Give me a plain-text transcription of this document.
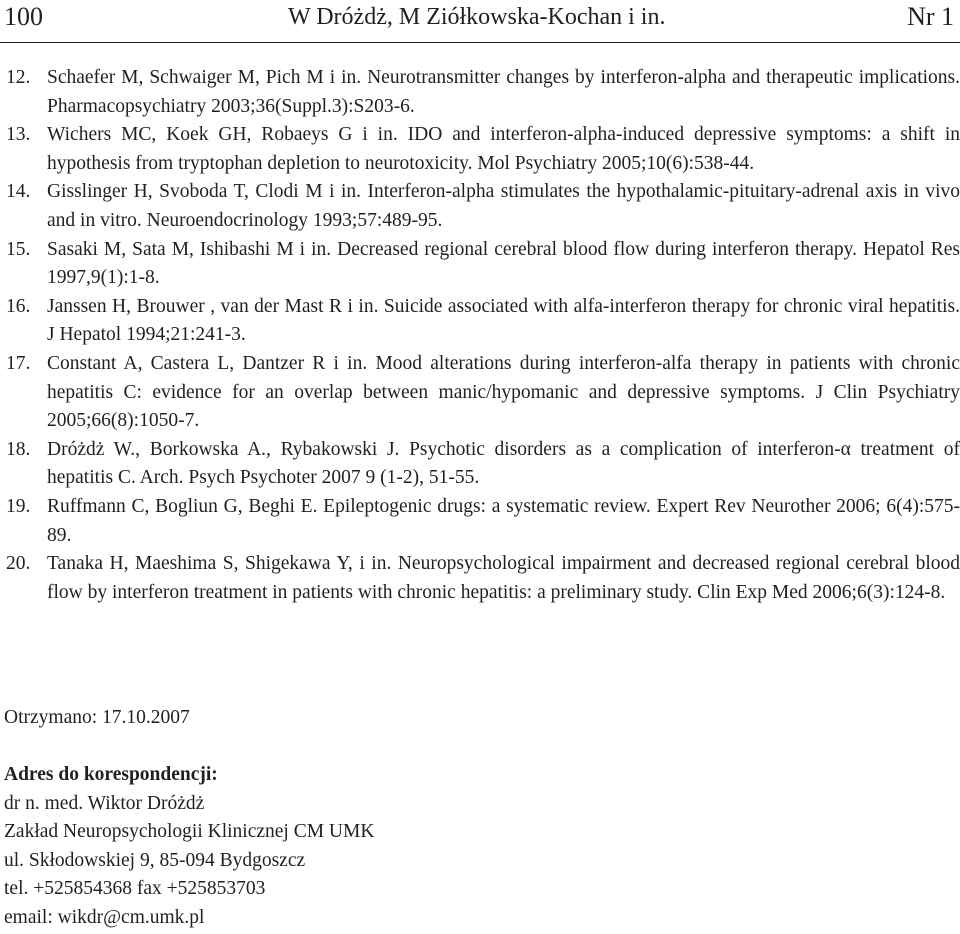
100	W Dróżdż, M Ziółkowska-Kochan i in.	Nr 1
12. Schaefer M, Schwaiger M, Pich M i in. Neurotransmitter changes by interferon-alpha and therapeutic implications. Pharmacopsychiatry 2003;36(Suppl.3):S203-6.
13. Wichers MC, Koek GH, Robaeys G i in. IDO and interferon-alpha-induced depressive symptoms: a shift in hypothesis from tryptophan depletion to neurotoxicity. Mol Psychiatry 2005;10(6):538-44.
14. Gisslinger H, Svoboda T, Clodi M i in. Interferon-alpha stimulates the hypothalamic-pituitary-adrenal axis in vivo and in vitro. Neuroendocrinology 1993;57:489-95.
15. Sasaki M, Sata M, Ishibashi M i in. Decreased regional cerebral blood flow during interferon therapy. Hepatol Res 1997,9(1):1-8.
16. Janssen H, Brouwer , van der Mast R i in. Suicide associated with alfa-interferon therapy for chronic viral hepatitis. J Hepatol 1994;21:241-3.
17. Constant A, Castera L, Dantzer R i in. Mood alterations during interferon-alfa therapy in patients with chronic hepatitis C: evidence for an overlap between manic/hypomanic and depressive symptoms. J Clin Psychiatry 2005;66(8):1050-7.
18. Dróżdż W., Borkowska A., Rybakowski J. Psychotic disorders as a complication of interferon-α treatment of hepatitis C. Arch. Psych Psychoter 2007 9 (1-2), 51-55.
19. Ruffmann C, Bogliun G, Beghi E. Epileptogenic drugs: a systematic review. Expert Rev Neurother 2006; 6(4):575-89.
20. Tanaka H, Maeshima S, Shigekawa Y, i in. Neuropsychological impairment and decreased regional cerebral blood flow by interferon treatment in patients with chronic hepatitis: a preliminary study. Clin Exp Med 2006;6(3):124-8.
Otrzymano: 17.10.2007
Adres do korespondencji:
dr n. med. Wiktor Dróżdż
Zakład Neuropsychologii Klinicznej CM UMK
ul. Skłodowskiej 9, 85-094 Bydgoszcz
tel. +525854368 fax +525853703
email: wikdr@cm.umk.pl
